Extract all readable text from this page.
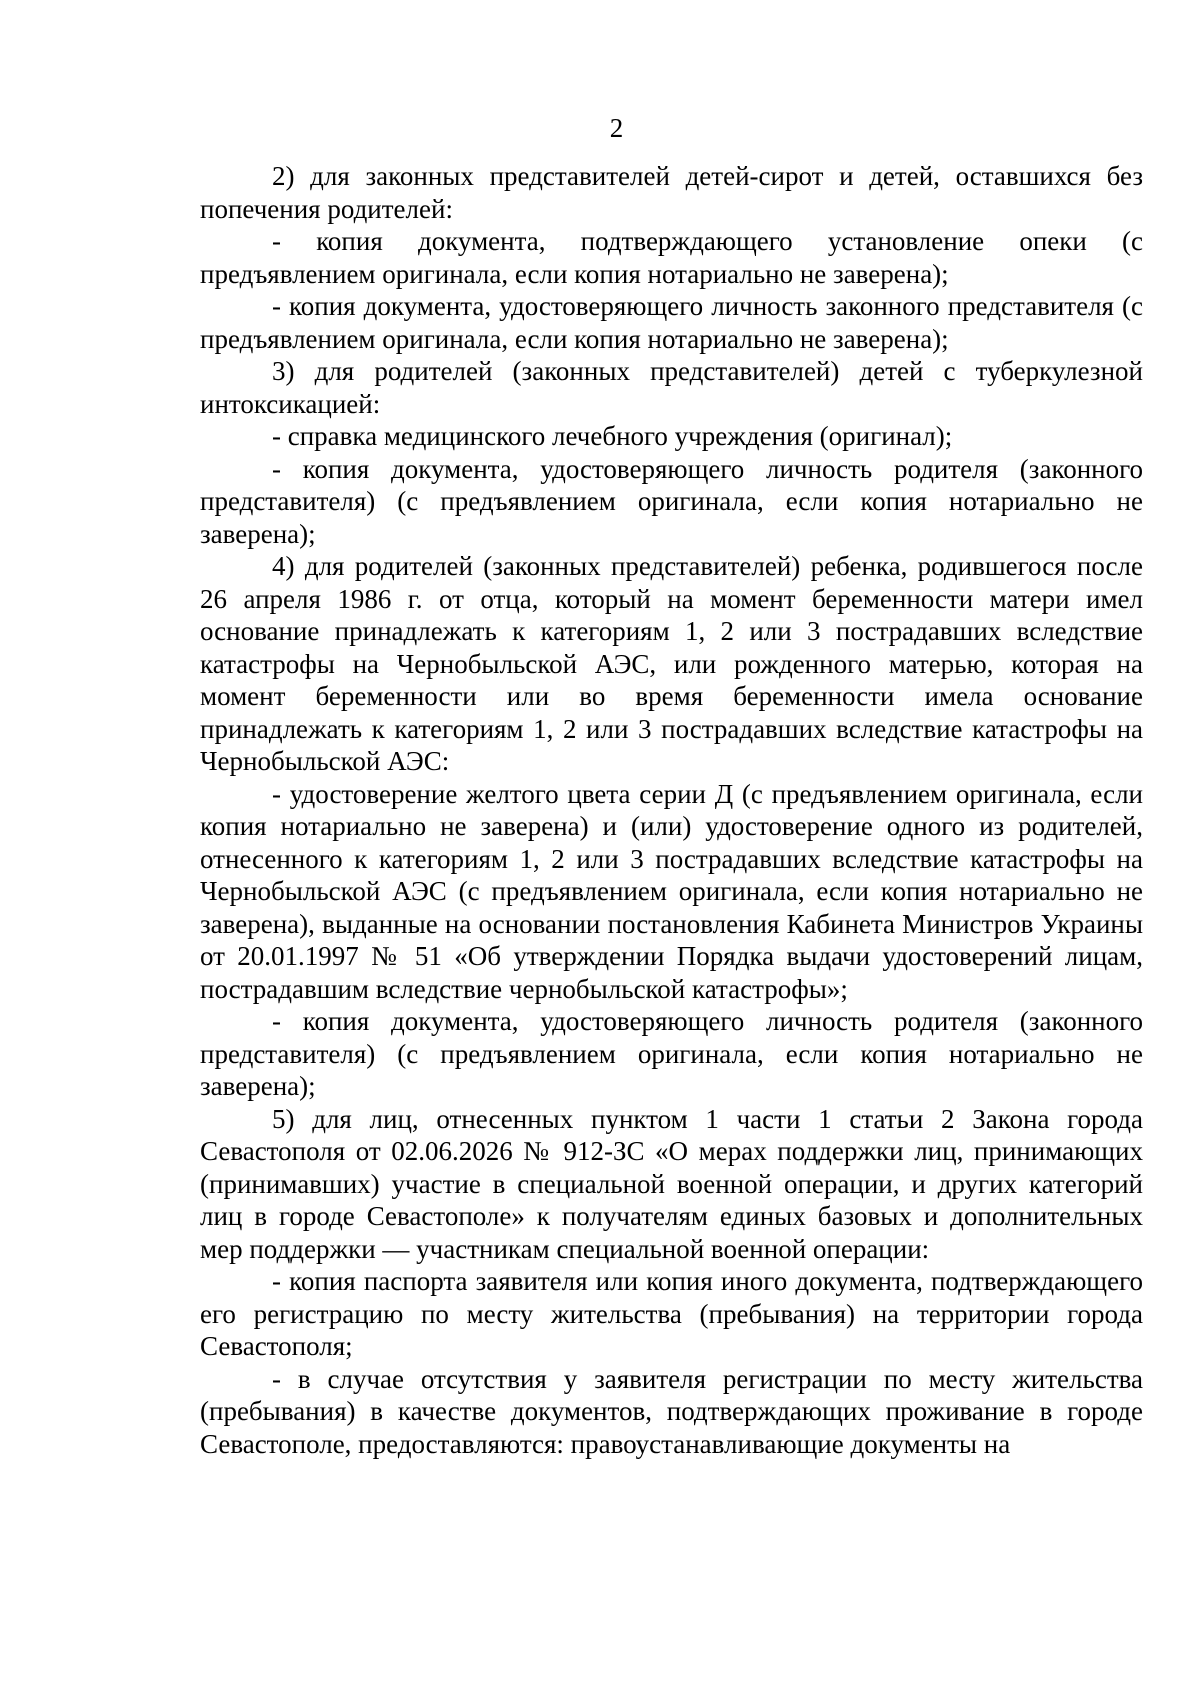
2

2) для законных представителей детей-сирот и детей, оставшихся без попечения родителей:

- копия документа, подтверждающего установление опеки (с предъявлением оригинала, если копия нотариально не заверена);

- копия документа, удостоверяющего личность законного представителя (с предъявлением оригинала, если копия нотариально не заверена);

3) для родителей (законных представителей) детей с туберкулезной интоксикацией:

- справка медицинского лечебного учреждения (оригинал);

- копия документа, удостоверяющего личность родителя (законного представителя) (с предъявлением оригинала, если копия нотариально не заверена);

4) для родителей (законных представителей) ребенка, родившегося после 26 апреля 1986 г. от отца, который на момент беременности матери имел основание принадлежать к категориям 1, 2 или 3 пострадавших вследствие катастрофы на Чернобыльской АЭС, или рожденного матерью, которая на момент беременности или во время беременности имела основание принадлежать к категориям 1, 2 или 3 пострадавших вследствие катастрофы на Чернобыльской АЭС:

- удостоверение желтого цвета серии Д (с предъявлением оригинала, если копия нотариально не заверена) и (или) удостоверение одного из родителей, отнесенного к категориям 1, 2 или 3 пострадавших вследствие катастрофы на Чернобыльской АЭС (с предъявлением оригинала, если копия нотариально не заверена), выданные на основании постановления Кабинета Министров Украины от 20.01.1997 № 51 «Об утверждении Порядка выдачи удостоверений лицам, пострадавшим вследствие чернобыльской катастрофы»;

- копия документа, удостоверяющего личность родителя (законного представителя) (с предъявлением оригинала, если копия нотариально не заверена);

5) для лиц, отнесенных пунктом 1 части 1 статьи 2 Закона города Севастополя от 02.06.2026 № 912-ЗС «О мерах поддержки лиц, принимающих (принимавших) участие в специальной военной операции, и других категорий лиц в городе Севастополе» к получателям единых базовых и дополнительных мер поддержки — участникам специальной военной операции:

- копия паспорта заявителя или копия иного документа, подтверждающего его регистрацию по месту жительства (пребывания) на территории города Севастополя;

- в случае отсутствия у заявителя регистрации по месту жительства (пребывания) в качестве документов, подтверждающих проживание в городе Севастополе, предоставляются: правоустанавливающие документы на
